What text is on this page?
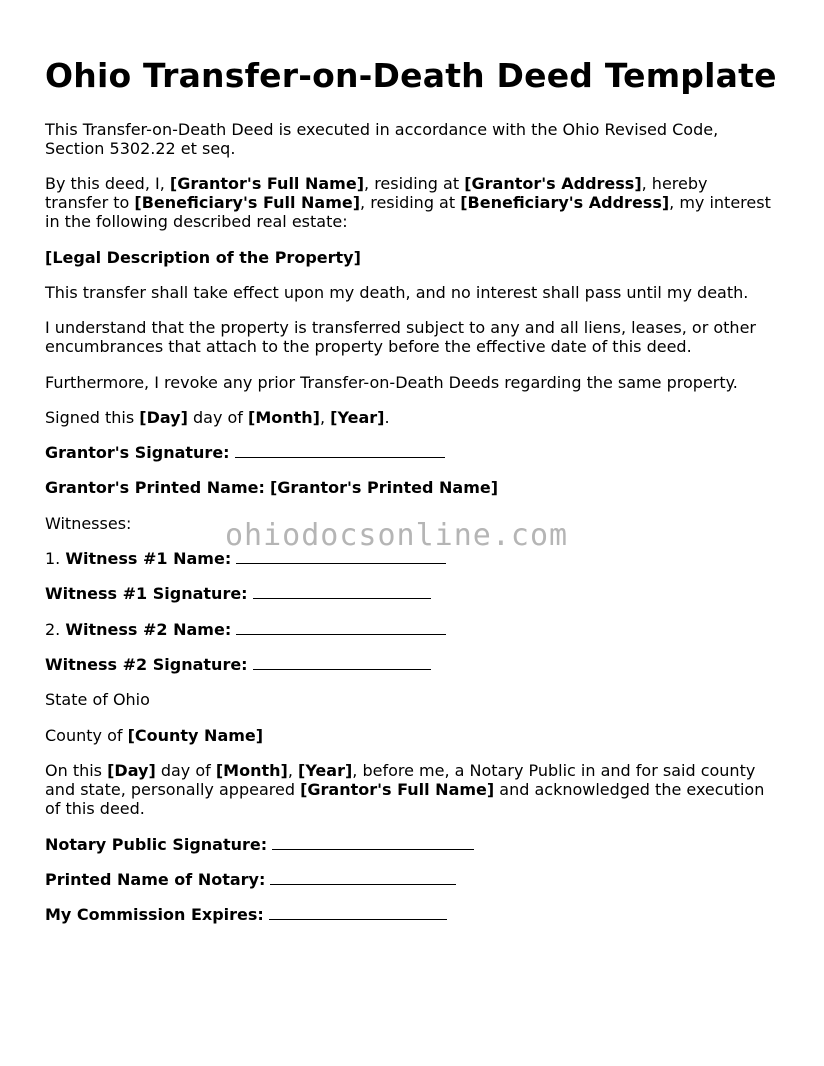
Ohio Transfer-on-Death Deed Template

This Transfer-on-Death Deed is executed in accordance with the Ohio Revised Code,

Section 5302.22 et seq.

By this deed, I, [Grantor's Full Name], residing at [Grantor's Address], hereby

transfer to [Beneficiary's Full Name], residing at [Beneficiary's Address], my interest

in the following described real estate:

[Legal Description of the Property]

This transfer shall take effect upon my death, and no interest shall pass until my death.

I understand that the property is transferred subject to any and all liens, leases, or other

encumbrances that attach to the property before the effective date of this deed.

Furthermore, I revoke any prior Transfer-on-Death Deeds regarding the same property.

Signed this [Day] day of [Month], [Year].

Grantor's Signature:

Grantor's Printed Name: [Grantor's Printed Name]

Witnesses:

1. Witness #1 Name:

Witness #1 Signature:

2. Witness #2 Name:

Witness #2 Signature:

State of Ohio

County of [County Name]

On this [Day] day of [Month], [Year], before me, a Notary Public in and for said county

and state, personally appeared [Grantor's Full Name] and acknowledged the execution

of this deed.

Notary Public Signature:

Printed Name of Notary:

My Commission Expires:

ohiodocsonline.com
